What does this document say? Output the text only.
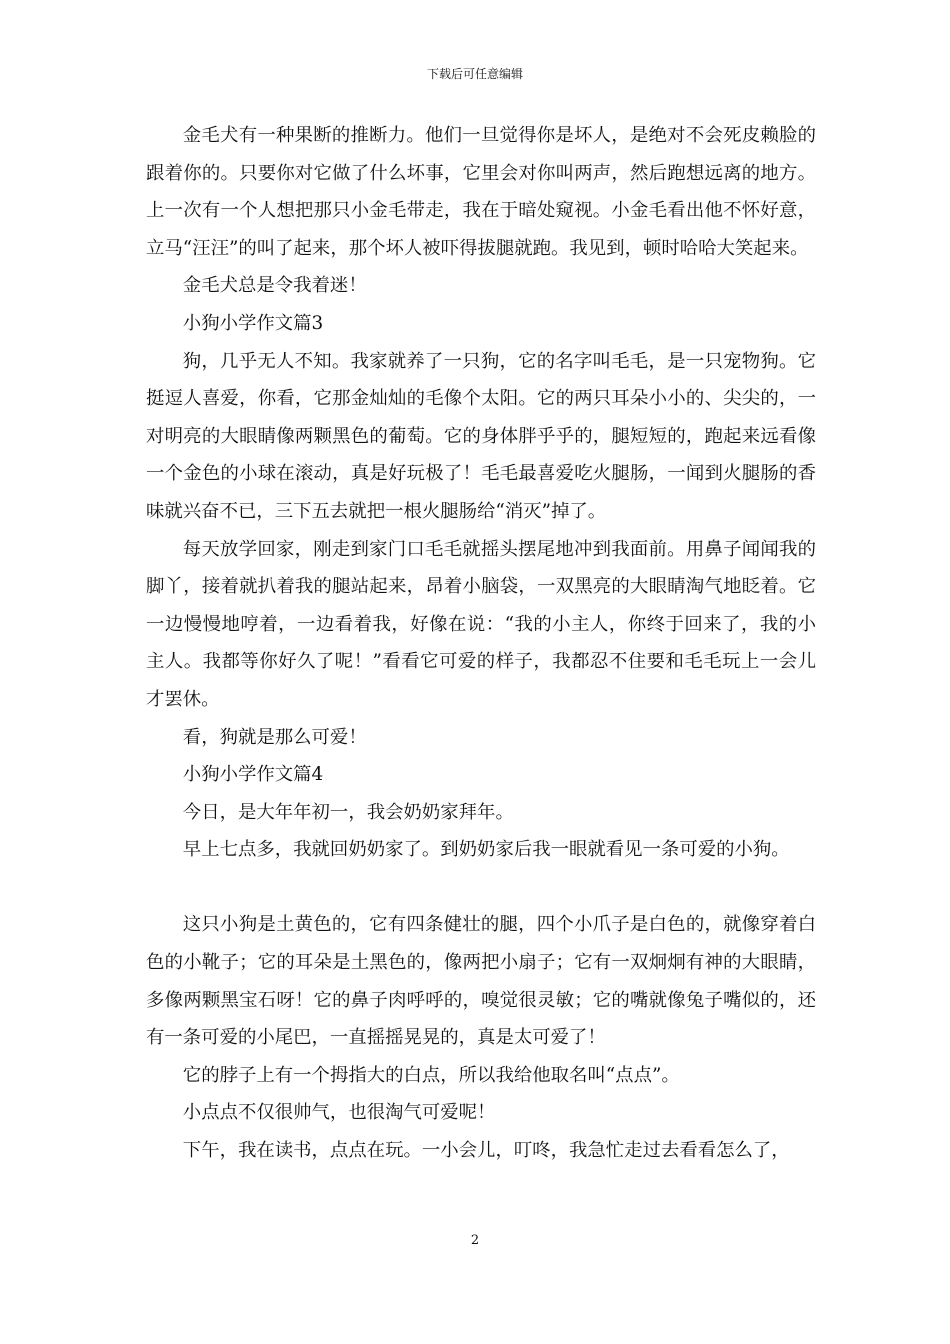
下载后可任意编辑

金毛犬有一种果断的推断力。他们一旦觉得你是坏人，是绝对不会死皮赖脸的跟着你的。只要你对它做了什么坏事，它里会对你叫两声，然后跑想远离的地方。上一次有一个人想把那只小金毛带走，我在于暗处窥视。小金毛看出他不怀好意，立马“汪汪”的叫了起来，那个坏人被吓得拔腿就跑。我见到，顿时哈哈大笑起来。

金毛犬总是令我着迷！

小狗小学作文篇3

狗，几乎无人不知。我家就养了一只狗，它的名字叫毛毛，是一只宠物狗。它挺逗人喜爱，你看，它那金灿灿的毛像个太阳。它的两只耳朵小小的、尖尖的，一对明亮的大眼睛像两颗黑色的葡萄。它的身体胖乎乎的，腿短短的，跑起来远看像一个金色的小球在滚动，真是好玩极了！毛毛最喜爱吃火腿肠，一闻到火腿肠的香味就兴奋不已，三下五去就把一根火腿肠给“消灭”掉了。

每天放学回家，刚走到家门口毛毛就摇头摆尾地冲到我面前。用鼻子闻闻我的脚丫，接着就扒着我的腿站起来，昂着小脑袋，一双黑亮的大眼睛淘气地眨着。它一边慢慢地哼着，一边看着我，好像在说：“我的小主人，你终于回来了，我的小主人。我都等你好久了呢！”看看它可爱的样子，我都忍不住要和毛毛玩上一会儿才罢休。

看，狗就是那么可爱！

小狗小学作文篇4

今日，是大年年初一，我会奶奶家拜年。

早上七点多，我就回奶奶家了。到奶奶家后我一眼就看见一条可爱的小狗。

这只小狗是土黄色的，它有四条健壮的腿，四个小爪子是白色的，就像穿着白色的小靴子；它的耳朵是土黑色的，像两把小扇子；它有一双炯炯有神的大眼睛，多像两颗黑宝石呀！它的鼻子肉呼呼的，嗅觉很灵敏；它的嘴就像兔子嘴似的，还有一条可爱的小尾巴，一直摇摇晃晃的，真是太可爱了！

它的脖子上有一个拇指大的白点，所以我给他取名叫“点点”。

小点点不仅很帅气，也很淘气可爱呢！

下午，我在读书，点点在玩。一小会儿，叮咚，我急忙走过去看看怎么了，

2
